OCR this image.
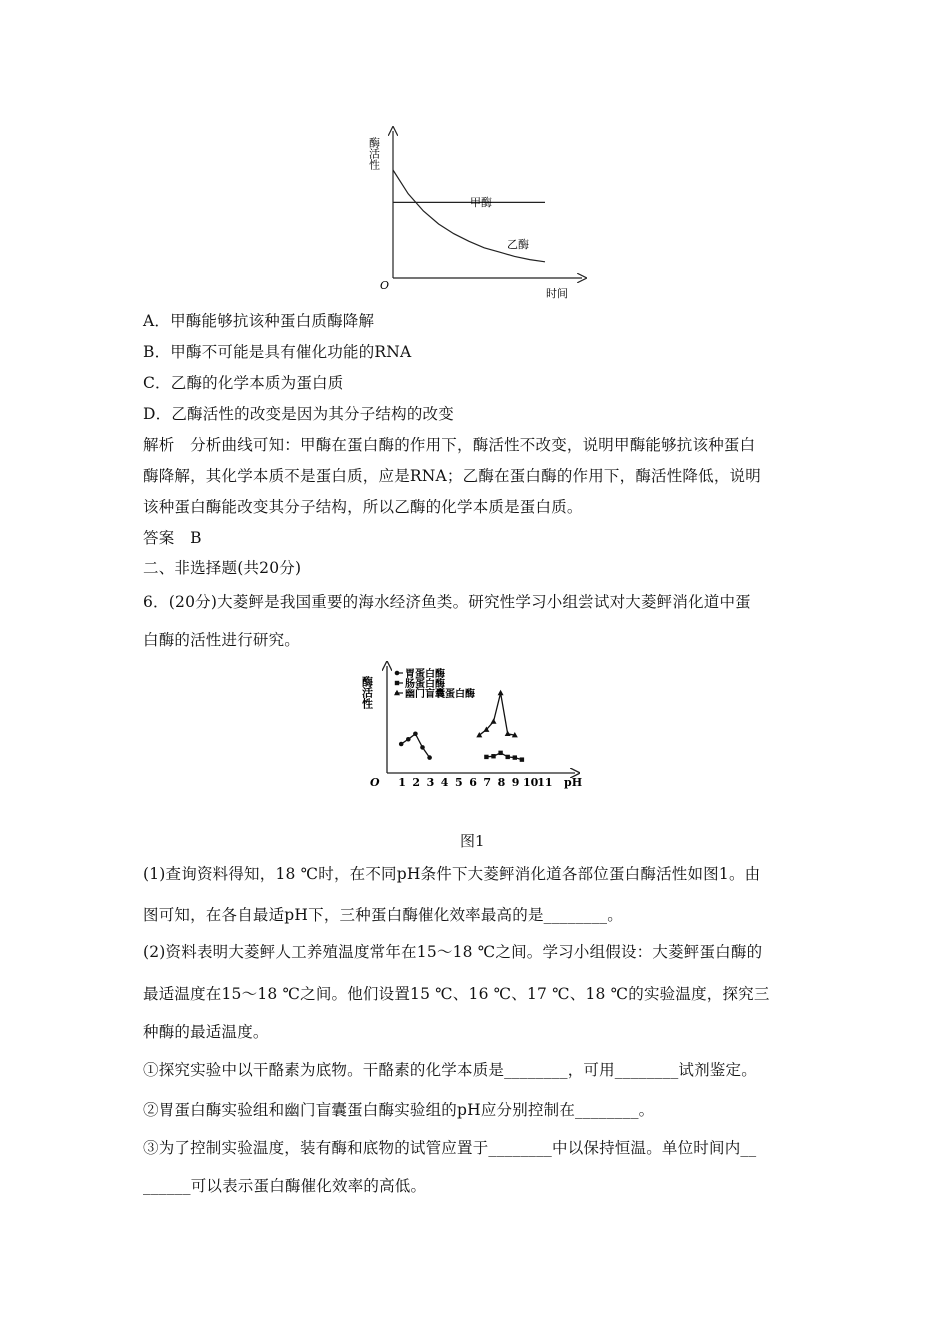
酶活性
时间
O
甲酶
乙酶
A．甲酶能够抗该种蛋白质酶降解
B．甲酶不可能是具有催化功能的RNA
C．乙酶的化学本质为蛋白质
D．乙酶活性的改变是因为其分子结构的改变
解析　分析曲线可知：甲酶在蛋白酶的作用下，酶活性不改变，说明甲酶能够抗该种蛋白
酶降解，其化学本质不是蛋白质，应是RNA；乙酶在蛋白酶的作用下，酶活性降低，说明
该种蛋白酶能改变其分子结构，所以乙酶的化学本质是蛋白质。
答案　B
二、非选择题(共20分)
6．(20分)大菱鲆是我国重要的海水经济鱼类。研究性学习小组尝试对大菱鲆消化道中蛋
白酶的活性进行研究。
酶活性
O 1 2 3 4 5 6 7 8 9 10
11 pH
胃蛋白酶
肠蛋白酶
幽门盲囊蛋白酶
图1
(1)查询资料得知，18 ℃时，在不同pH条件下大菱鲆消化道各部位蛋白酶活性如图1。由
图可知，在各自最适pH下，三种蛋白酶催化效率最高的是________。
(2)资料表明大菱鲆人工养殖温度常年在15～18 ℃之间。学习小组假设：大菱鲆蛋白酶的
最适温度在15～18 ℃之间。他们设置15 ℃、16 ℃、17 ℃、18 ℃的实验温度，探究三
种酶的最适温度。
①探究实验中以干酪素为底物。干酪素的化学本质是________，可用________试剂鉴定。
②胃蛋白酶实验组和幽门盲囊蛋白酶实验组的pH应分别控制在________。
③为了控制实验温度，装有酶和底物的试管应置于________中以保持恒温。单位时间内__
______可以表示蛋白酶催化效率的高低。
